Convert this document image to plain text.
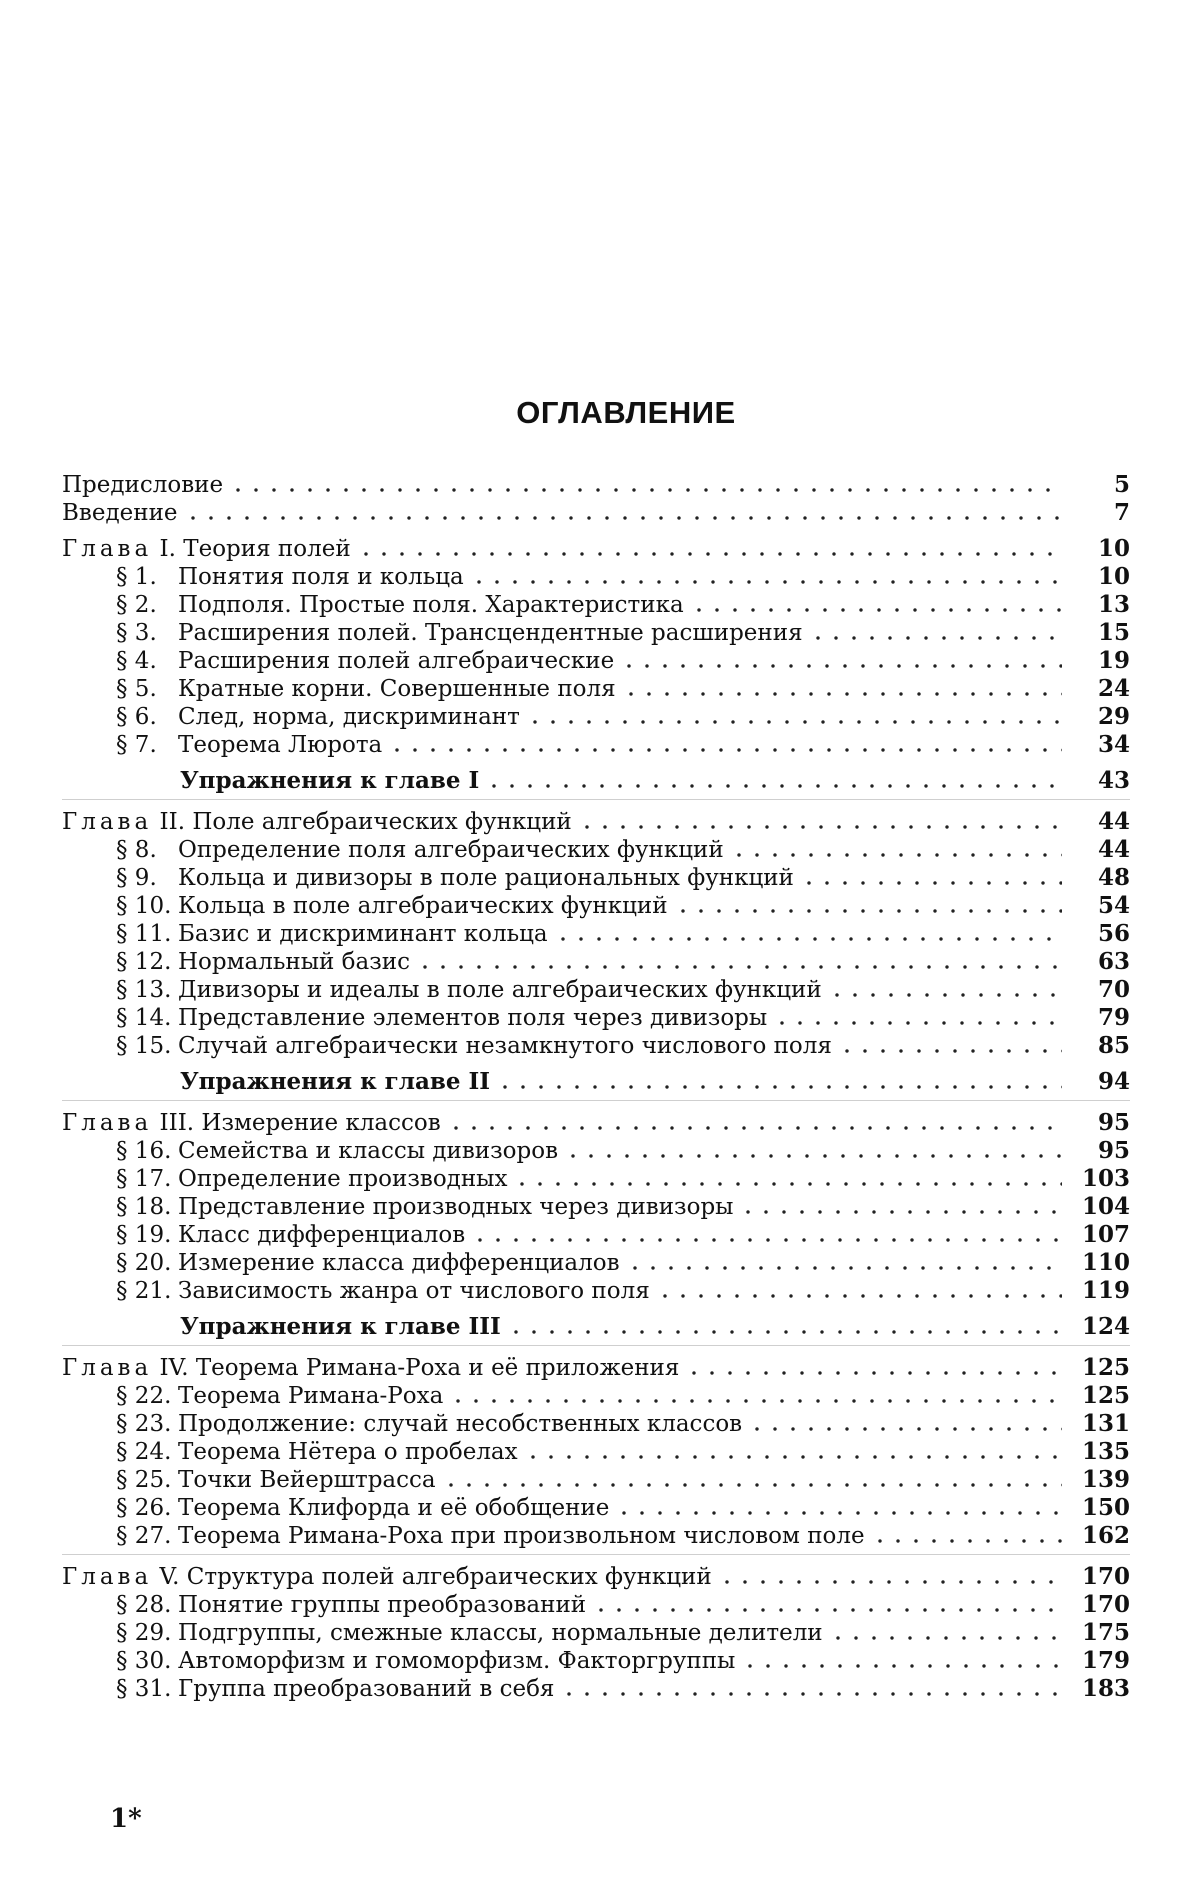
ОГЛАВЛЕНИЕ
Предисловие	5
Введение	7
Глава I. Теория полей	10
§ 1. Понятия поля и кольца	10
§ 2. Подполя. Простые поля. Характеристика	13
§ 3. Расширения полей. Трансцендентные расширения	15
§ 4. Расширения полей алгебраические	19
§ 5. Кратные корни. Совершенные поля	24
§ 6. След, норма, дискриминант	29
§ 7. Теорема Люрота	34
Упражнения к главе I	43
Глава II. Поле алгебраических функций	44
§ 8. Определение поля алгебраических функций	44
§ 9. Кольца и дивизоры в поле рациональных функций	48
§ 10. Кольца в поле алгебраических функций	54
§ 11. Базис и дискриминант кольца	56
§ 12. Нормальный базис	63
§ 13. Дивизоры и идеалы в поле алгебраических функций	70
§ 14. Представление элементов поля через дивизоры	79
§ 15. Случай алгебраически незамкнутого числового поля	85
Упражнения к главе II	94
Глава III. Измерение классов	95
§ 16. Семейства и классы дивизоров	95
§ 17. Определение производных	103
§ 18. Представление производных через дивизоры	104
§ 19. Класс дифференциалов	107
§ 20. Измерение класса дифференциалов	110
§ 21. Зависимость жанра от числового поля	119
Упражнения к главе III	124
Глава IV. Теорема Римана-Роха и её приложения	125
§ 22. Теорема Римана-Роха	125
§ 23. Продолжение: случай несобственных классов	131
§ 24. Теорема Нётера о пробелах	135
§ 25. Точки Вейерштрасса	139
§ 26. Теорема Клифорда и её обобщение	150
§ 27. Теорема Римана-Роха при произвольном числовом поле	162
Глава V. Структура полей алгебраических функций	170
§ 28. Понятие группы преобразований	170
§ 29. Подгруппы, смежные классы, нормальные делители	175
§ 30. Автоморфизм и гомоморфизм. Факторгруппы	179
§ 31. Группа преобразований в себя	183
1*
